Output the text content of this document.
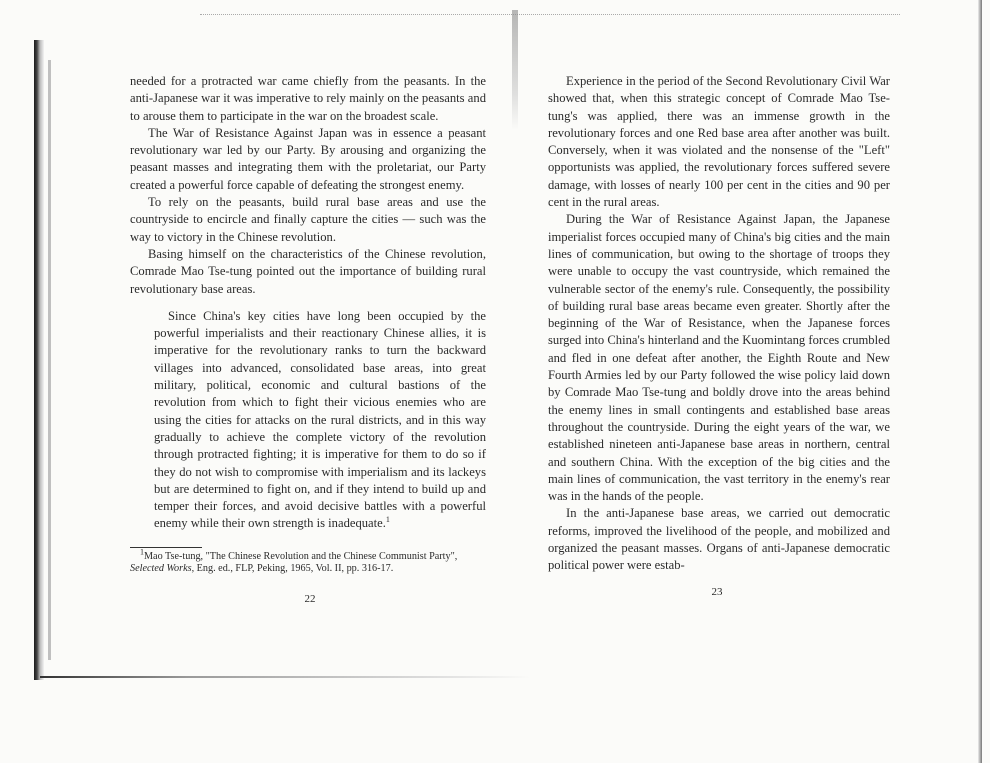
needed for a protracted war came chiefly from the peasants. In the anti-Japanese war it was imperative to rely mainly on the peasants and to arouse them to participate in the war on the broadest scale.

The War of Resistance Against Japan was in essence a peasant revolutionary war led by our Party. By arousing and organizing the peasant masses and integrating them with the proletariat, our Party created a powerful force capable of defeating the strongest enemy.

To rely on the peasants, build rural base areas and use the countryside to encircle and finally capture the cities — such was the way to victory in the Chinese revolution.

Basing himself on the characteristics of the Chinese revolution, Comrade Mao Tse-tung pointed out the importance of building rural revolutionary base areas.

Since China's key cities have long been occupied by the powerful imperialists and their reactionary Chinese allies, it is imperative for the revolutionary ranks to turn the backward villages into advanced, consolidated base areas, into great military, political, economic and cultural bastions of the revolution from which to fight their vicious enemies who are using the cities for attacks on the rural districts, and in this way gradually to achieve the complete victory of the revolution through protracted fighting; it is imperative for them to do so if they do not wish to compromise with imperialism and its lackeys but are determined to fight on, and if they intend to build up and temper their forces, and avoid decisive battles with a powerful enemy while their own strength is inadequate.$^1$

$^1$Mao Tse-tung, "The Chinese Revolution and the Chinese Communist Party", Selected Works, Eng. ed., FLP, Peking, 1965, Vol. II, pp. 316-17.

22

Experience in the period of the Second Revolutionary Civil War showed that, when this strategic concept of Comrade Mao Tse-tung's was applied, there was an immense growth in the revolutionary forces and one Red base area after another was built. Conversely, when it was violated and the nonsense of the "Left" opportunists was applied, the revolutionary forces suffered severe damage, with losses of nearly 100 per cent in the cities and 90 per cent in the rural areas.

During the War of Resistance Against Japan, the Japanese imperialist forces occupied many of China's big cities and the main lines of communication, but owing to the shortage of troops they were unable to occupy the vast countryside, which remained the vulnerable sector of the enemy's rule. Consequently, the possibility of building rural base areas became even greater. Shortly after the beginning of the War of Resistance, when the Japanese forces surged into China's hinterland and the Kuomintang forces crumbled and fled in one defeat after another, the Eighth Route and New Fourth Armies led by our Party followed the wise policy laid down by Comrade Mao Tse-tung and boldly drove into the areas behind the enemy lines in small contingents and established base areas throughout the countryside. During the eight years of the war, we established nineteen anti-Japanese base areas in northern, central and southern China. With the exception of the big cities and the main lines of communication, the vast territory in the enemy's rear was in the hands of the people.

In the anti-Japanese base areas, we carried out democratic reforms, improved the livelihood of the people, and mobilized and organized the peasant masses. Organs of anti-Japanese democratic political power were estab-

23
